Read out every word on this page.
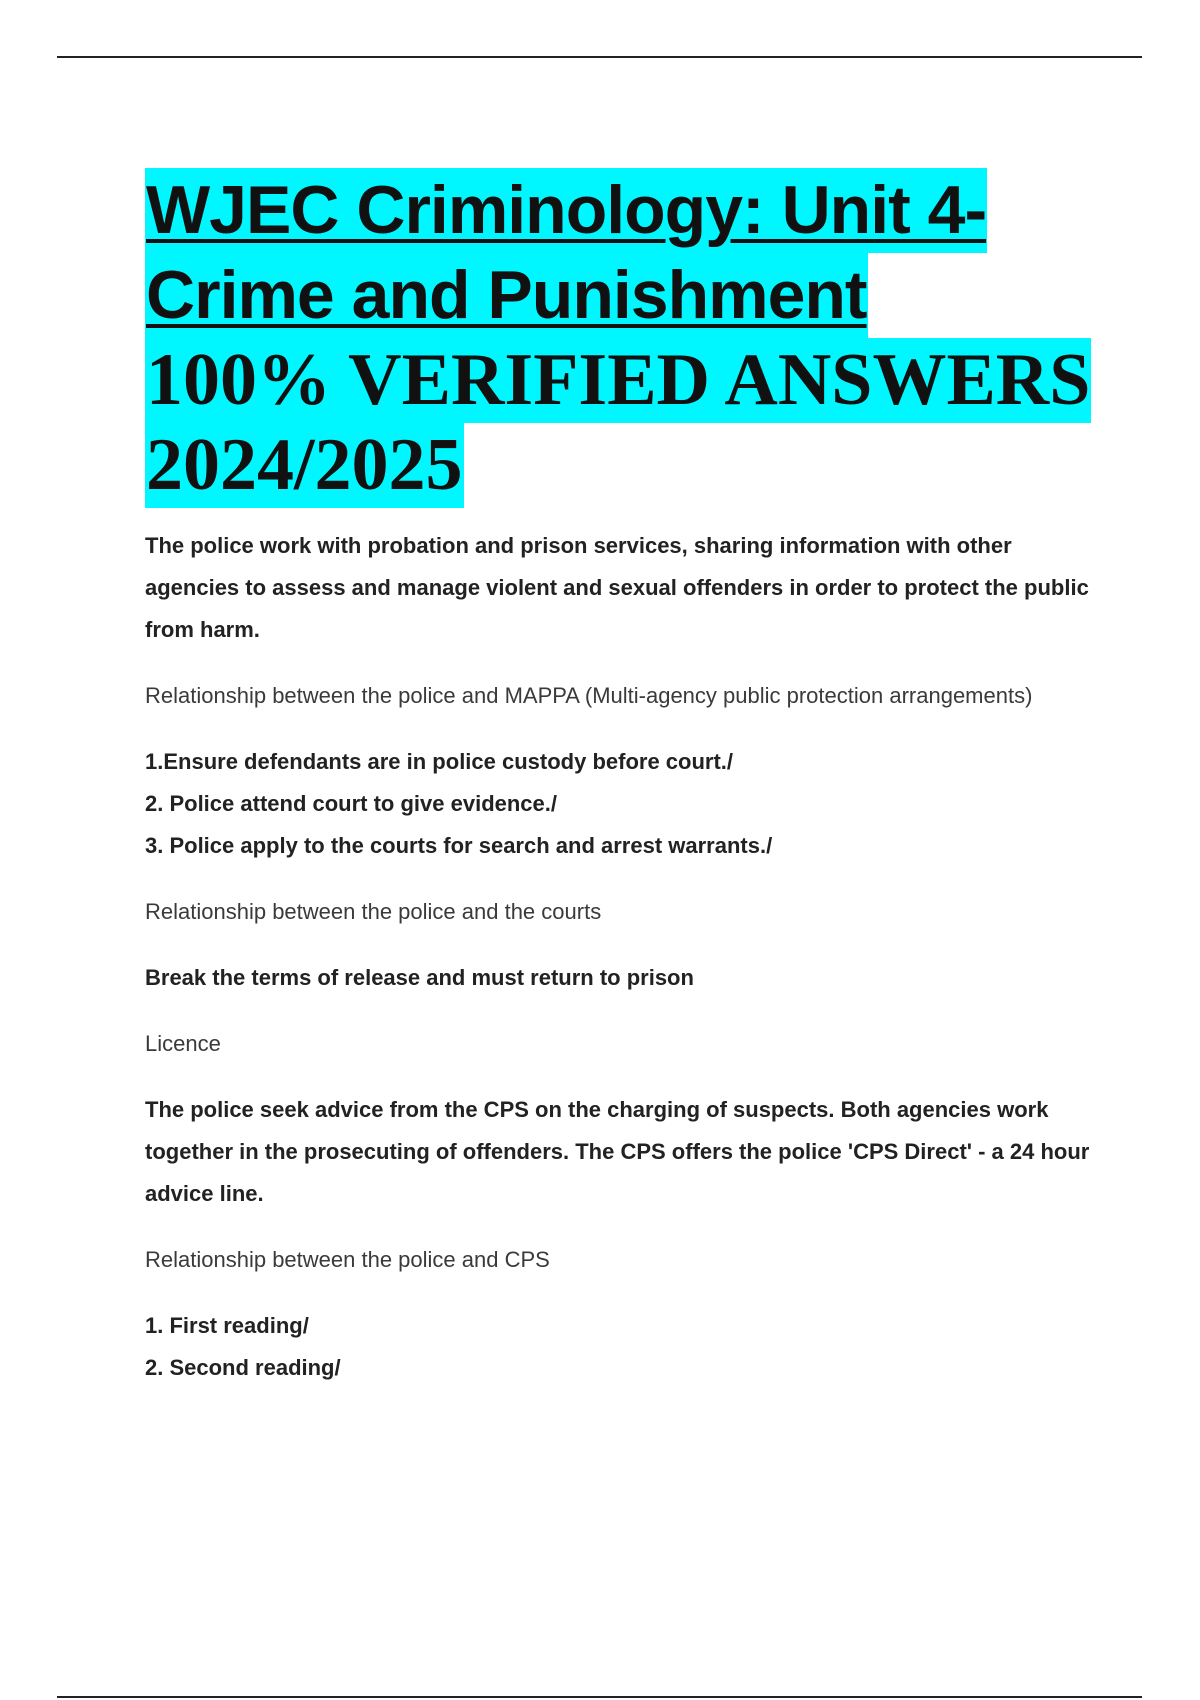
WJEC Criminology: Unit 4-
Crime and Punishment
100% VERIFIED ANSWERS
2024/2025

The police work with probation and prison services, sharing information with other agencies to assess and manage violent and sexual offenders in order to protect the public from harm.

Relationship between the police and MAPPA (Multi-agency public protection arrangements)

1.Ensure defendants are in police custody before court./

2. Police attend court to give evidence./

3. Police apply to the courts for search and arrest warrants./

Relationship between the police and the courts

Break the terms of release and must return to prison

Licence

The police seek advice from the CPS on the charging of suspects. Both agencies work together in the prosecuting of offenders. The CPS offers the police 'CPS Direct' - a 24 hour advice line.

Relationship between the police and CPS

1. First reading/

2. Second reading/
